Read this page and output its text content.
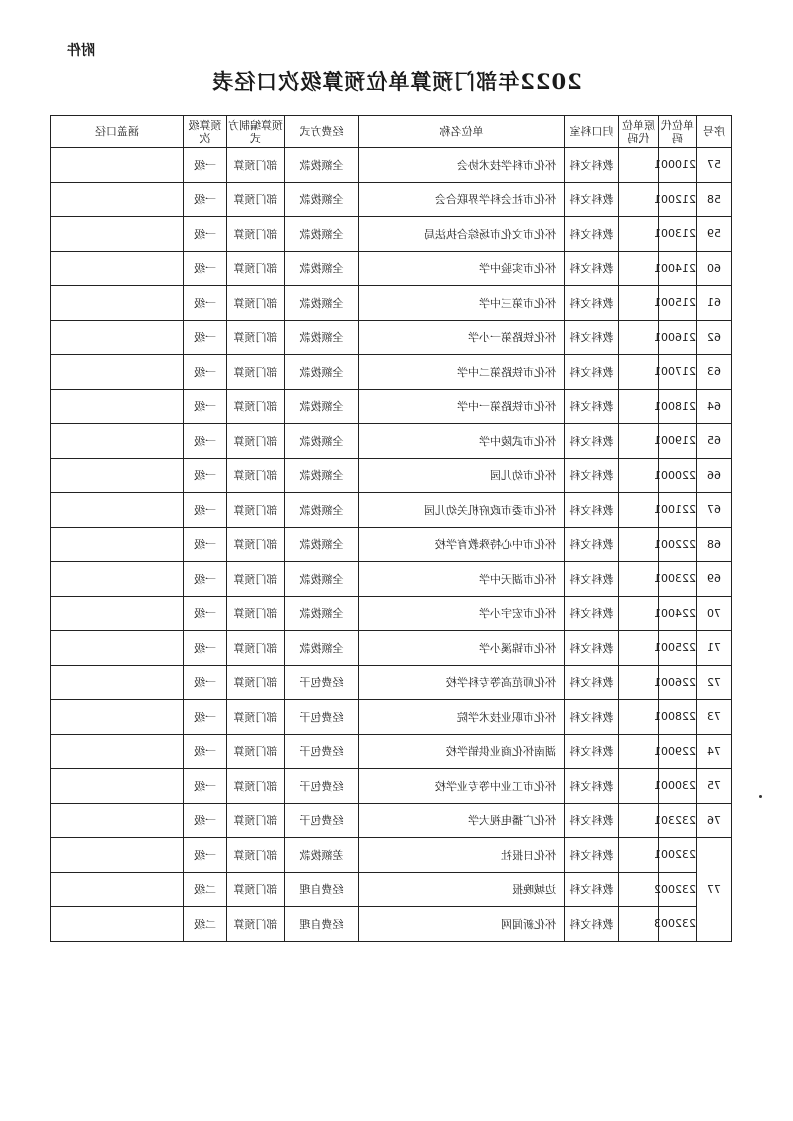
附件
2022年部门预算单位预算级次口径表
序号	单位代码	原单位代码	归口科室	单位名称	经费方式	预算编制方式	预算级次	涵盖口径
57	210001		教科文科	怀化市科学技术协会	全额拨款	部门预算	一级	
58	212001		教科文科	怀化市社会科学界联合会	全额拨款	部门预算	一级	
59	213001		教科文科	怀化市文化市场综合执法局	全额拨款	部门预算	一级	
60	214001		教科文科	怀化市实验中学	全额拨款	部门预算	一级	
61	215001		教科文科	怀化市第三中学	全额拨款	部门预算	一级	
62	216001		教科文科	怀化铁路第一小学	全额拨款	部门预算	一级	
63	217001		教科文科	怀化市铁路第二中学	全额拨款	部门预算	一级	
64	218001		教科文科	怀化市铁路第一中学	全额拨款	部门预算	一级	
65	219001		教科文科	怀化市武陵中学	全额拨款	部门预算	一级	
66	220001		教科文科	怀化市幼儿园	全额拨款	部门预算	一级	
67	221001		教科文科	怀化市委市政府机关幼儿园	全额拨款	部门预算	一级	
68	222001		教科文科	怀化市中心特殊教育学校	全额拨款	部门预算	一级	
69	223001		教科文科	怀化市湖天中学	全额拨款	部门预算	一级	
70	224001		教科文科	怀化市宏宇小学	全额拨款	部门预算	一级	
71	225001		教科文科	怀化市锦溪小学	全额拨款	部门预算	一级	
72	226001		教科文科	怀化师范高等专科学校	经费包干	部门预算	一级	
73	228001		教科文科	怀化市职业技术学院	经费包干	部门预算	一级	
74	229001		教科文科	湖南怀化商业供销学校	经费包干	部门预算	一级	
75	230001		教科文科	怀化市工业中等专业学校	经费包干	部门预算	一级	
76	232301		教科文科	怀化广播电视大学	经费包干	部门预算	一级	
77	232001		教科文科	怀化日报社	差额拨款	部门预算	一级	
	232002		教科文科	边城晚报	经费自理	部门预算	二级	
	232003		教科文科	怀化新闻网	经费自理	部门预算	二级	
